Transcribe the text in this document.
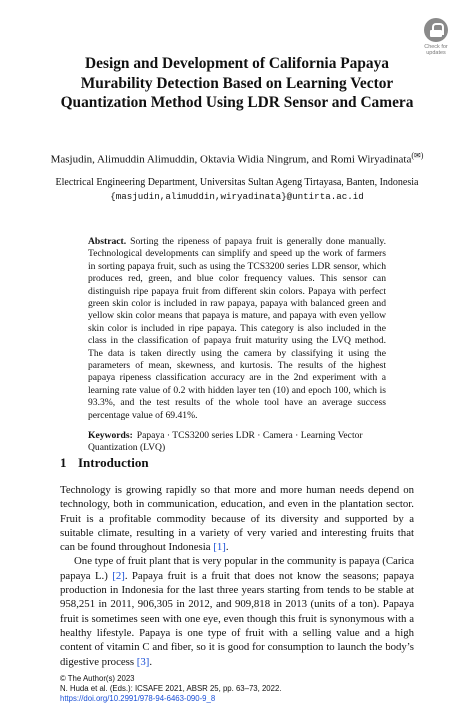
Check for
updates
Design and Development of California Papaya Murability Detection Based on Learning Vector Quantization Method Using LDR Sensor and Camera

Masjudin, Alimuddin Alimuddin, Oktavia Widia Ningrum, and Romi Wiryadinata(✉)

Electrical Engineering Department, Universitas Sultan Ageng Tirtayasa, Banten, Indonesia
{masjudin,alimuddin,wiryadinata}@untirta.ac.id

Abstract. Sorting the ripeness of papaya fruit is generally done manually. Technological developments can simplify and speed up the work of farmers in sorting papaya fruit, such as using the TCS3200 series LDR sensor, which produces red, green, and blue color frequency values. This sensor can distinguish ripe papaya fruit from different skin colors. Papaya with perfect green skin color is included in raw papaya, papaya with balanced green and yellow skin color means that papaya is mature, and papaya with even yellow skin color is included in ripe papaya. This category is also included in the class in the classification of papaya fruit maturity using the LVQ method. The data is taken directly using the camera by classifying it using the parameters of mean, skewness, and kurtosis. The results of the highest papaya ripeness classification accuracy are in the 2nd experiment with a learning rate value of 0.2 with hidden layer ten (10) and epoch 100, which is 93.3%, and the test results of the whole tool have an average success percentage value of 69.41%.

Keywords: Papaya · TCS3200 series LDR · Camera · Learning Vector Quantization (LVQ)

1 Introduction

Technology is growing rapidly so that more and more human needs depend on technology, both in communication, education, and even in the plantation sector. Fruit is a profitable commodity because of its diversity and supported by a suitable climate, resulting in a variety of very varied and interesting fruits that can be found throughout Indonesia [1].

One type of fruit plant that is very popular in the community is papaya (Carica papaya L.) [2]. Papaya fruit is a fruit that does not know the seasons; papaya production in Indonesia for the last three years starting from tends to be stable at 958,251 in 2011, 906,305 in 2012, and 909,818 in 2013 (units of a ton). Papaya fruit is sometimes seen with one eye, even though this fruit is synonymous with a healthy lifestyle. Papaya is one type of fruit with a selling value and a high content of vitamin C and fiber, so it is good for consumption to launch the body’s digestive process [3].

© The Author(s) 2023
N. Huda et al. (Eds.): ICSAFE 2021, ABSR 25, pp. 63–73, 2022.
https://doi.org/10.2991/978-94-6463-090-9_8
